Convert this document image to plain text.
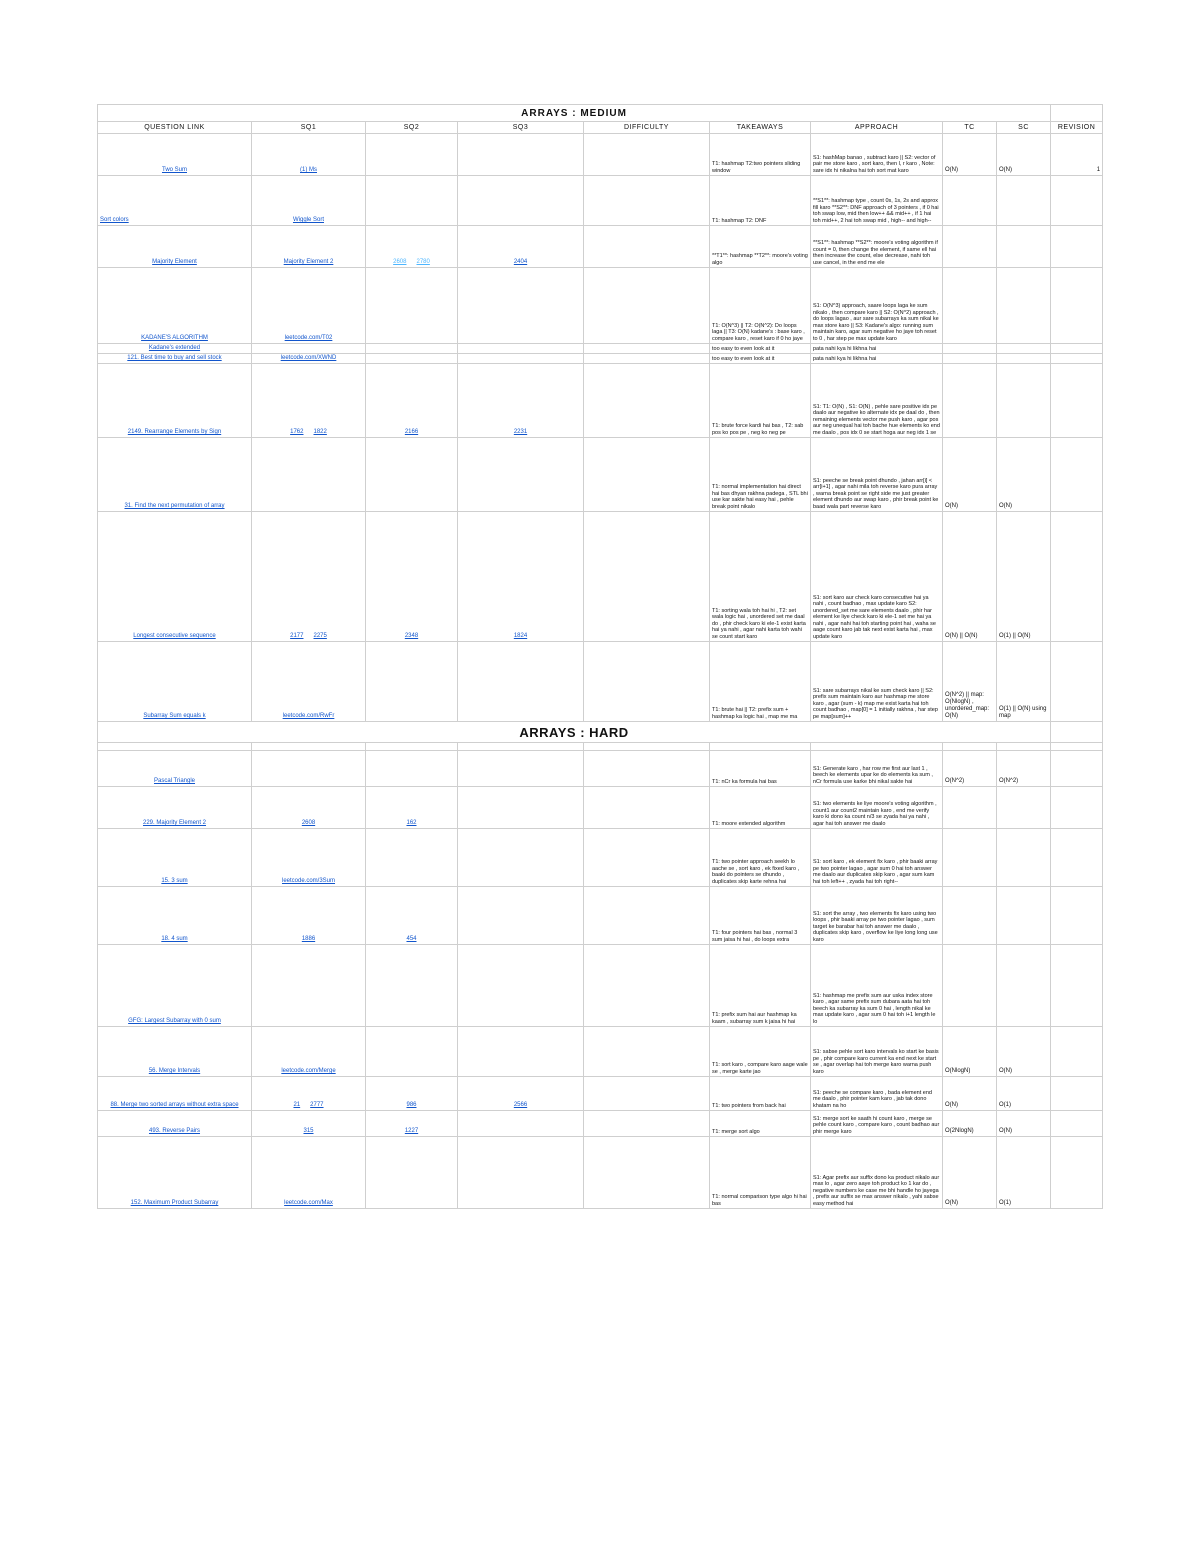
ARRAYS : MEDIUM									
QUESTION LINK	SQ1	SQ2	SQ3	DIFFICULTY	TAKEAWAYS	APPROACH	TC	SC	REVISION
Two Sum	(1) Ms				T1: hashmap T2:two pointers sliding window	S1: hashMap banao , subtract karo || S2: vector of pair me store karo , sort karo, then l, r karo , Note: sare idx hi nikalna hai toh sort mat karo	O(N)	O(N)	1
Sort colors	Wiggle Sort				T1: hashmap T2: DNF	**S1**: hashmap type , count 0s, 1s, 2s and approx fill karo **S2**: DNF approach of 3 pointers , if 0 hai toh swap low, mid then low++ && mid++ , if 1 hai toh mid++, 2 hai toh swap mid , high-- and high--			
Majority Element	Majority Element 2	2608 2780	2404		**T1**: hashmap **T2**: moore's voting algo	**S1**: hashmap **S2**: moore's voting algorithm if count = 0, then change the element, if same ell hai then increase the count, else decrease, nahi toh use cancel, in the end me ele			
KADANE'S ALGORITHM	leetcode.com/T02				T1: O(N^3) || T2: O(N^2): Do loops laga || T3: O(N) kadane's : base karo , compare karo , reset karo if 0 ho jaye	S1: O(N^3) approach, saare loops laga ke sum nikalo , then compare karo || S2: O(N^2) approach , do loops lagao , aur sare subarrays ka sum nikal ke max store karo || S3: Kadane's algo: running sum maintain karo, agar sum negative ho jaye toh reset to 0 , har step pe max update karo			
Kadane's extended					too easy to even look at it	pata nahi kya hi likhna hai			
121. Best time to buy and sell stock	leetcode.com/XWND				too easy to even look at it	pata nahi kya hi likhna hai			
2149. Rearrange Elements by Sign	1762 1822	2166	2231		T1: brute force kardi hai bas , T2: sab pos ko pos pe , neg ko neg pe	S1: T1: O(N) , S1: O(N) , pehle sare positive idx pe daalo aur negative ko alternate idx pe daal do , then remaining elements vector me push karo , agar pos aur neg unequal hai toh bache hue elements ko end me daalo , pos idx 0 se start hoga aur neg idx 1 se			
31. Find the next permutation of array					T1: normal implementation hai direct hai bas dhyan rakhna padega , STL bhi use kar sakte hai easy hai , pehle break point nikalo	S1: peeche se break point dhundo , jahan arr[i] < arr[i+1] , agar nahi mila toh reverse karo pura array , warna break point se right side me just greater element dhundo aur swap karo , phir break point ke baad wala part reverse karo	O(N)	O(N)	
Longest consecutive sequence	2177 2275	2348	1824		T1: sorting wala toh hai hi , T2: set wala logic hai , unordered set me daal do , phir check karo ki ele-1 exist karta hai ya nahi , agar nahi karta toh wahi se count start karo	S1: sort karo aur check karo consecutive hai ya nahi , count badhao , max update karo S2: unordered_set me sare elements daalo , phir har element ke liye check karo ki ele-1 set me hai ya nahi , agar nahi hai toh starting point hai , waha se aage count karo jab tak next exist karta hai , max update karo	O(N) || O(N)	O(1) || O(N)	
Subarray Sum equals k	leetcode.com/RwFr				T1: brute hai || T2: prefix sum + hashmap ka logic hai , map me ma	S1: sare subarrays nikal ke sum check karo || S2: prefix sum maintain karo aur hashmap me store karo , agar (sum - k) map me exist karta hai toh count badhao , map[0] = 1 initially rakhna , har step pe map[sum]++	O(N^2) || map: O(NlogN) , unordered_map: O(N)	O(1) || O(N) using map	
ARRAYS : HARD									

Pascal Triangle					T1: nCr ka formula hai bas	S1: Generate karo , har row me first aur last 1 , beech ke elements upar ke do elements ka sum , nCr formula use karke bhi nikal sakte hai	O(N^2)	O(N^2)	
229. Majority Element 2	2608	162			T1: moore extended algorithm	S1: two elements ke liye moore's voting algorithm , count1 aur count2 maintain karo , end me verify karo ki dono ka count n/3 se zyada hai ya nahi , agar hai toh answer me daalo			
15. 3 sum	leetcode.com/3Sum				T1: two pointer approach seekh lo aache se , sort karo , ek fixed karo , baaki do pointers se dhundo , duplicates skip karte rehna hai	S1: sort karo , ek element fix karo , phir baaki array pe two pointer lagao , agar sum 0 hai toh answer me daalo aur duplicates skip karo , agar sum kam hai toh left++ , zyada hai toh right--			
18. 4 sum	1886	454			T1: four pointers hai bas , normal 3 sum jaisa hi hai , do loops extra	S1: sort the array , two elements fix karo using two loops , phir baaki array pe two pointer lagao , sum target ke barabar hai toh answer me daalo , duplicates skip karo , overflow ke liye long long use karo			
GFG: Largest Subarray with 0 sum					T1: prefix sum hai aur hashmap ka kaam , subarray sum k jaisa hi hai	S1: hashmap me prefix sum aur uska index store karo , agar same prefix sum dubara aata hai toh beech ka subarray ka sum 0 hai , length nikal ke max update karo , agar sum 0 hai toh i+1 length le lo			
56. Merge Intervals	leetcode.com/Merge				T1: sort karo , compare karo aage wale se , merge karte jao	S1: sabse pehle sort karo intervals ko start ke basis pe , phir compare karo current ka end next ke start se , agar overlap hai toh merge karo warna push karo	O(NlogN)	O(N)	
88. Merge two sorted arrays without extra space	21 2777	986	2566		T1: two pointers from back hai	S1: peeche se compare karo , bada element end me daalo , phir pointer kam karo , jab tak dono khatam na ho	O(N)	O(1)	
493. Reverse Pairs	315	1227			T1: merge sort algo	S1: merge sort ke saath hi count karo , merge se pehle count karo , compare karo , count badhao aur phir merge karo	O(2NlogN)	O(N)	
152. Maximum Product Subarray	leetcode.com/Max				T1: normal comparison type algo hi hai bas	S1: Agar prefix aur suffix dono ka product nikalo aur max lo , agar zero aaye toh product ko 1 kar do , negative numbers ke case me bhi handle ho jayega , prefix aur suffix se max answer nikalo , yahi sabse easy method hai	O(N)	O(1)	
